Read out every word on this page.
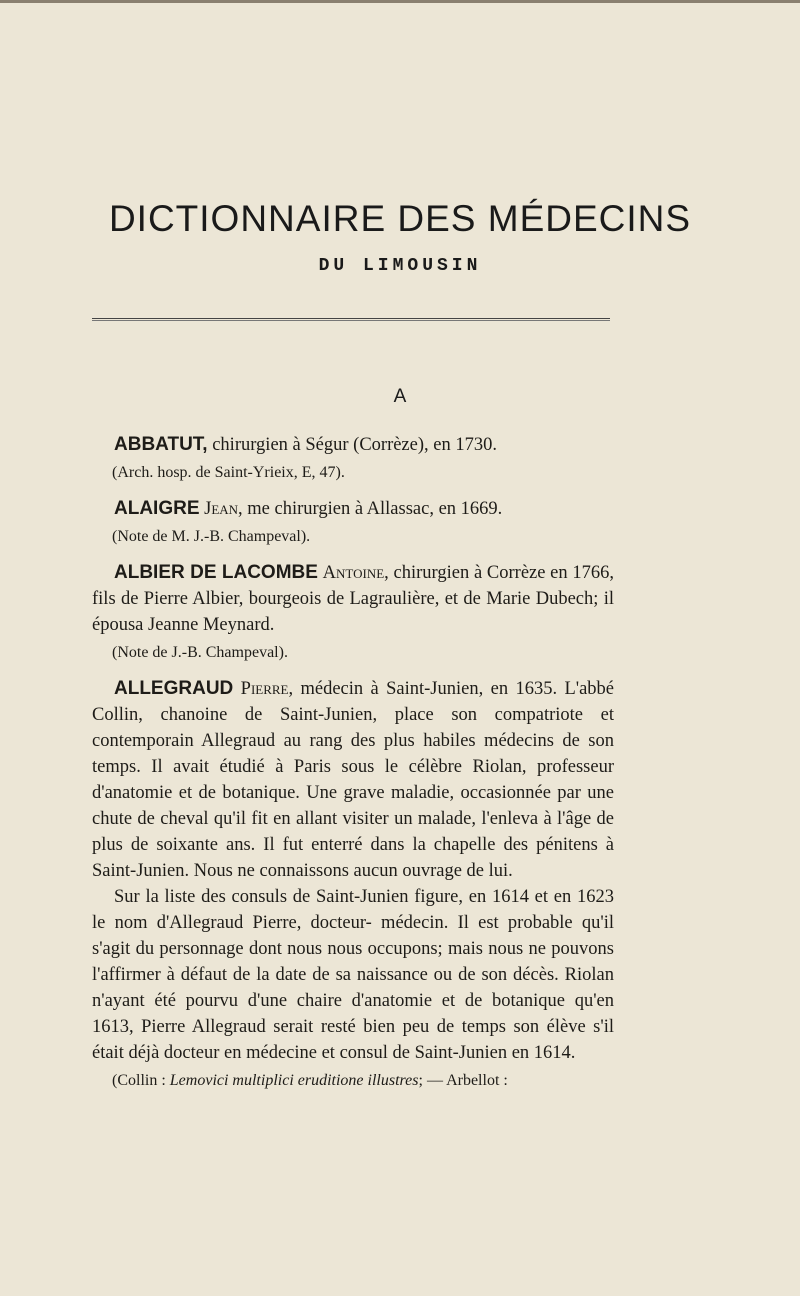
DICTIONNAIRE DES MÉDECINS
DU LIMOUSIN
A

ABBATUT, chirurgien à Ségur (Corrèze), en 1730.

(Arch. hosp. de Saint-Yrieix, E, 47).

ALAIGRE Jean, me chirurgien à Allassac, en 1669.

(Note de M. J.-B. Champeval).

ALBIER DE LACOMBE Antoine, chirurgien à Corrèze en 1766, fils de Pierre Albier, bourgeois de Lagraulière, et de Marie Dubech; il épousa Jeanne Meynard.

(Note de J.-B. Champeval).

ALLEGRAUD Pierre, médecin à Saint-Junien, en 1635. L'abbé Collin, chanoine de Saint-Junien, place son compatriote et contemporain Allegraud au rang des plus habiles médecins de son temps. Il avait étudié à Paris sous le célèbre Riolan, professeur d'anatomie et de botanique. Une grave maladie, occasionnée par une chute de cheval qu'il fit en allant visiter un malade, l'enleva à l'âge de plus de soixante ans. Il fut enterré dans la chapelle des pénitens à Saint-Junien. Nous ne connaissons aucun ouvrage de lui.

Sur la liste des consuls de Saint-Junien figure, en 1614 et en 1623 le nom d'Allegraud Pierre, docteur- médecin. Il est probable qu'il s'agit du personnage dont nous nous occupons; mais nous ne pouvons l'affirmer à défaut de la date de sa naissance ou de son décès. Riolan n'ayant été pourvu d'une chaire d'anatomie et de botanique qu'en 1613, Pierre Allegraud serait resté bien peu de temps son élève s'il était déjà docteur en médecine et consul de Saint-Junien en 1614.

(Collin : Lemovici multiplici eruditione illustres; — Arbellot :
